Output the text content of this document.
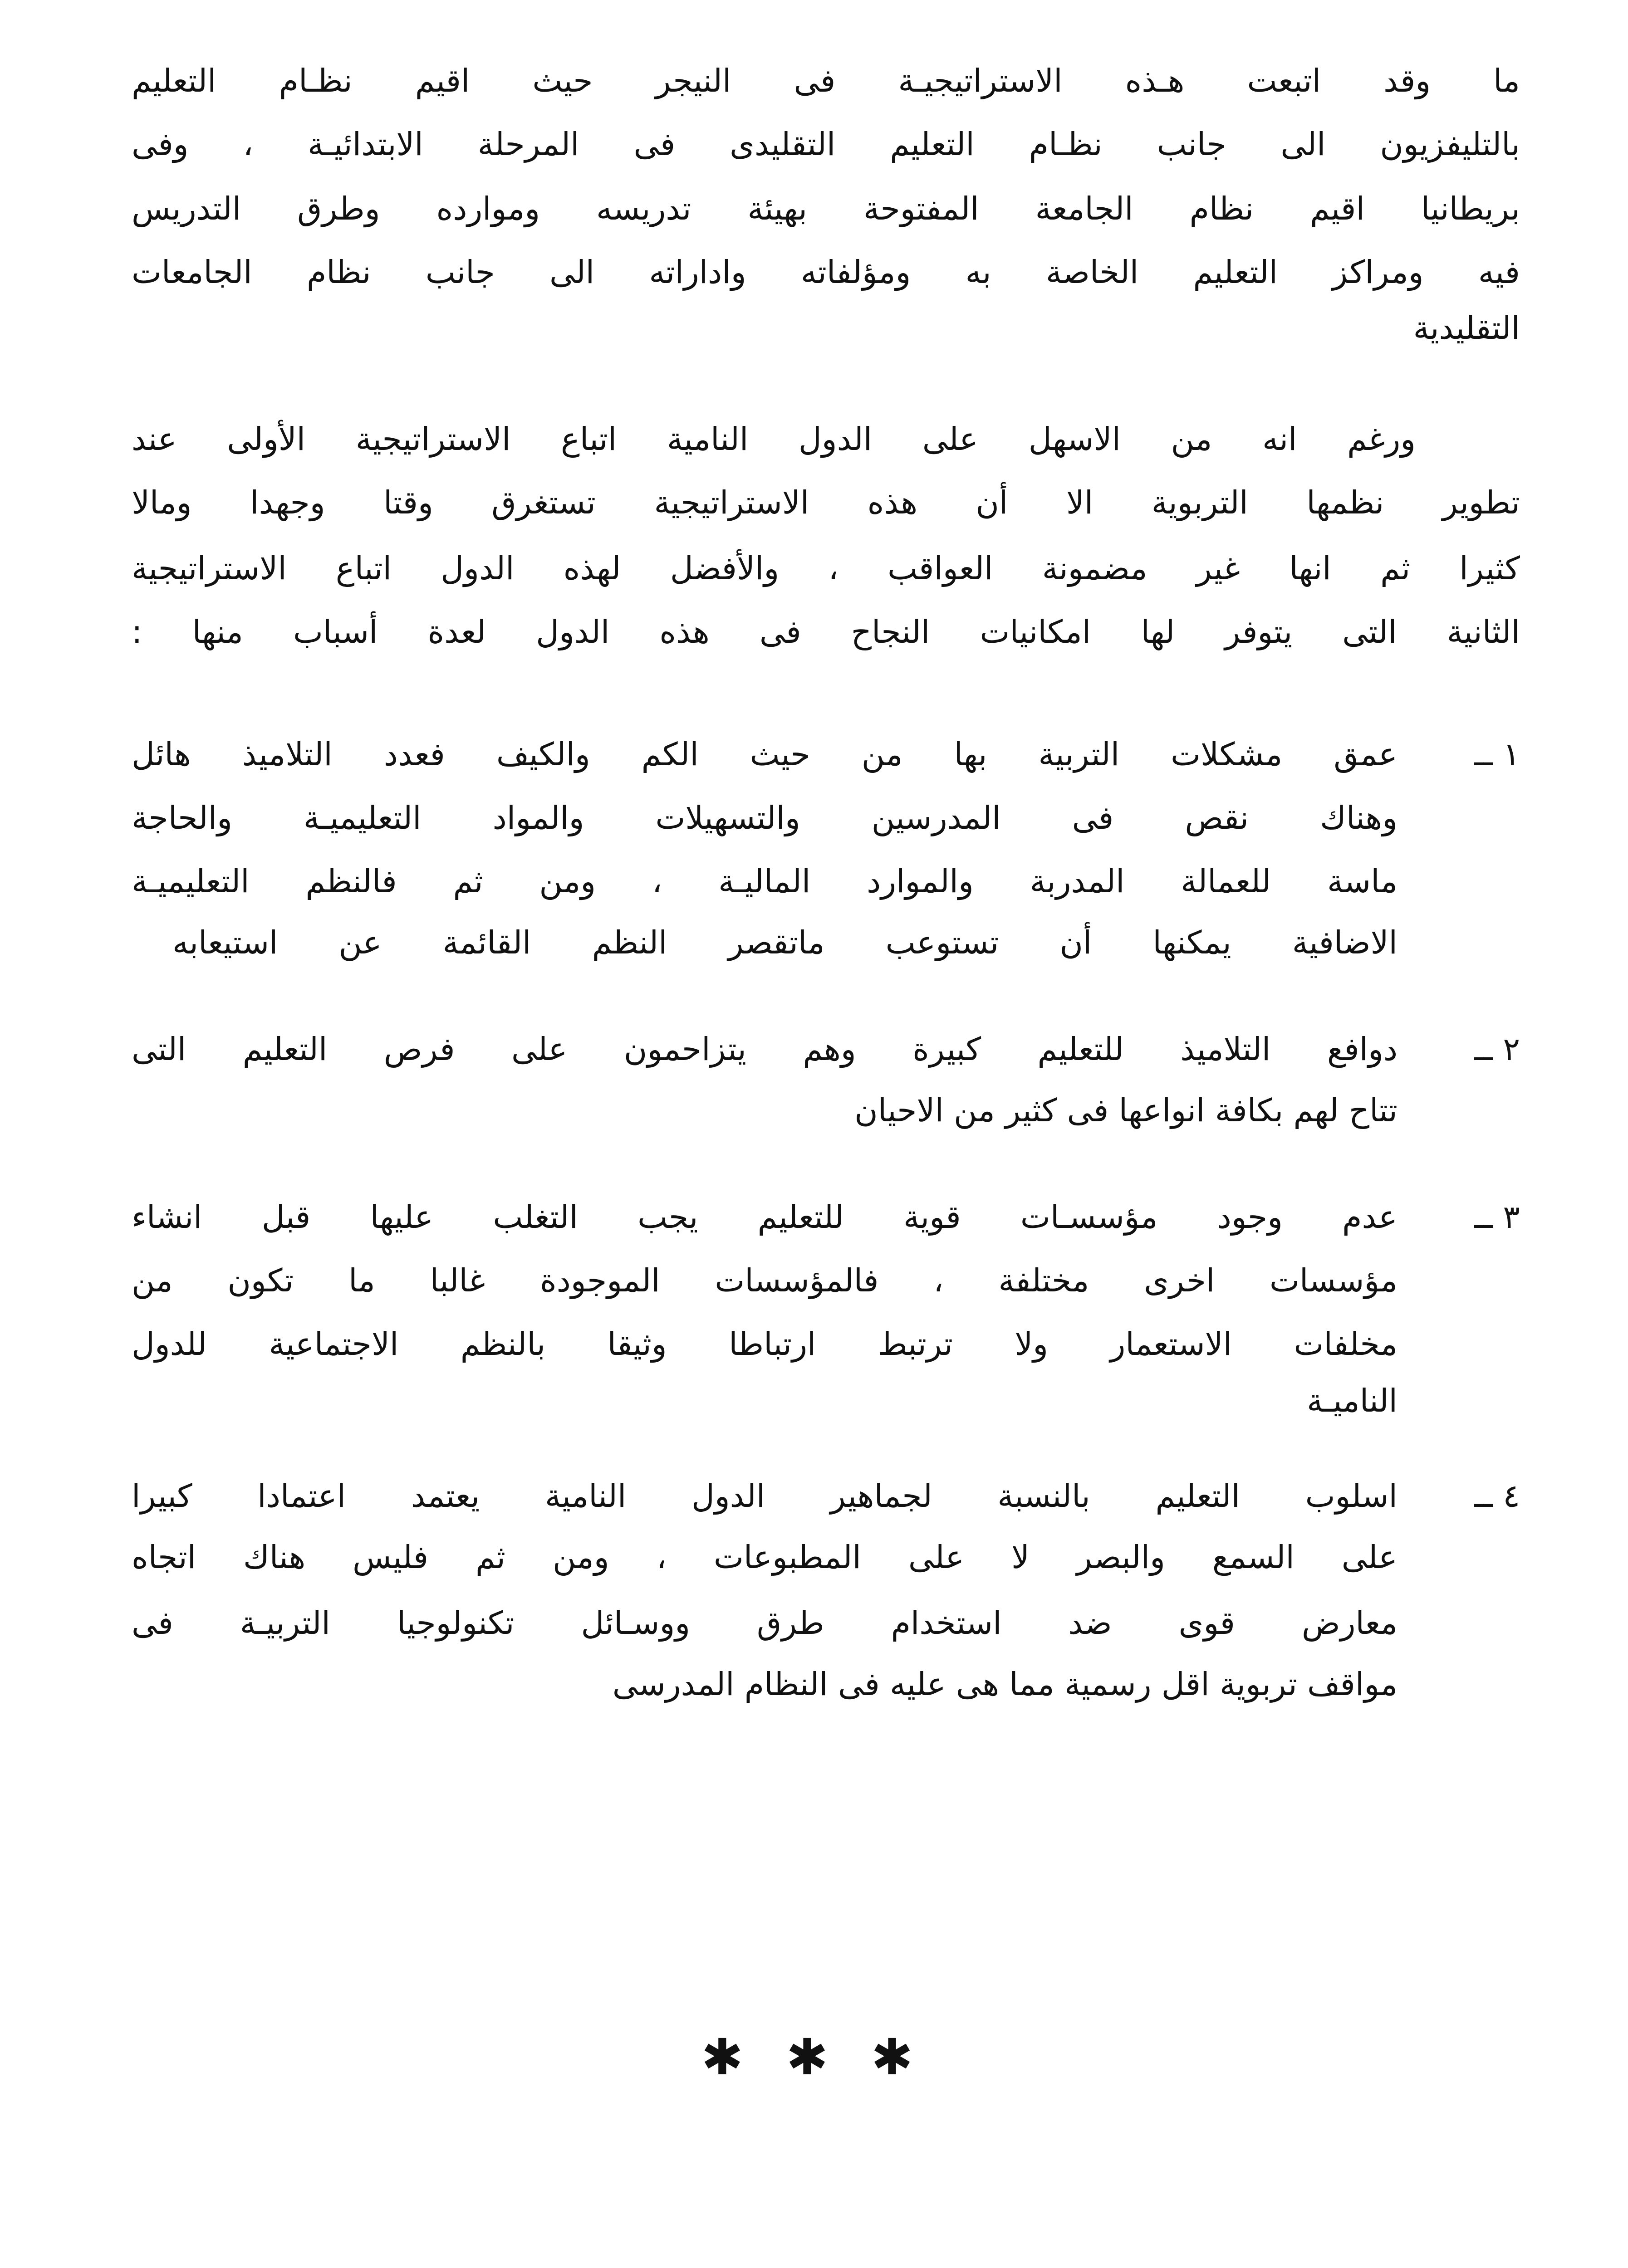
ما وقد اتبعت هـذه الاستراتيجيـة فى النيجر حيث اقيم نظـام التعليم
بالتليفزيون الى جانب نظـام التعليم التقليدى فى المرحلة الابتدائيـة ، وفى
بريطانيا اقيم نظام الجامعة المفتوحة بهيئة تدريسه وموارده وطرق التدريس
فيه ومراكز التعليم الخاصة به ومؤلفاته واداراته الى جانب نظام الجامعات
التقليدية
ورغم انه من الاسهل على الدول النامية اتباع الاستراتيجية الأولى عند
تطوير نظمها التربوية الا أن هذه الاستراتيجية تستغرق وقتا وجهدا ومالا
كثيرا ثم انها غير مضمونة العواقب ، والأفضل لهذه الدول اتباع الاستراتيجية
الثانية التى يتوفر لها امكانيات النجاح فى هذه الدول لعدة أسباب منها :
١ ــ
عمق مشكلات التربية بها من حيث الكم والكيف فعدد التلاميذ هائل
وهناك نقص فى المدرسين والتسهيلات والمواد التعليميـة والحاجة
ماسة للعمالة المدربة والموارد الماليـة ، ومن ثم فالنظم التعليميـة
الاضافية يمكنها أن تستوعب ماتقصر النظم القائمة عن استيعابه
٢ ــ
دوافع التلاميذ للتعليم كبيرة وهم يتزاحمون على فرص التعليم التى
تتاح لهم بكافة انواعها فى كثير من الاحيان
٣ ــ
عدم وجود مؤسسـات قوية للتعليم يجب التغلب عليها قبل انشاء
مؤسسات اخرى مختلفة ، فالمؤسسات الموجودة غالبا ما تكون من
مخلفات الاستعمار ولا ترتبط ارتباطا وثيقا بالنظم الاجتماعية للدول
الناميـة
٤ ــ
اسلوب التعليم بالنسبة لجماهير الدول النامية يعتمد اعتمادا كبيرا
على السمع والبصر لا على المطبوعات ، ومن ثم فليس هناك اتجاه
معارض قوى ضد استخدام طرق ووسـائل تكنولوجيا التربيـة فى
مواقف تربوية اقل رسمية مما هى عليه فى النظام المدرسى
✱ ✱ ✱
